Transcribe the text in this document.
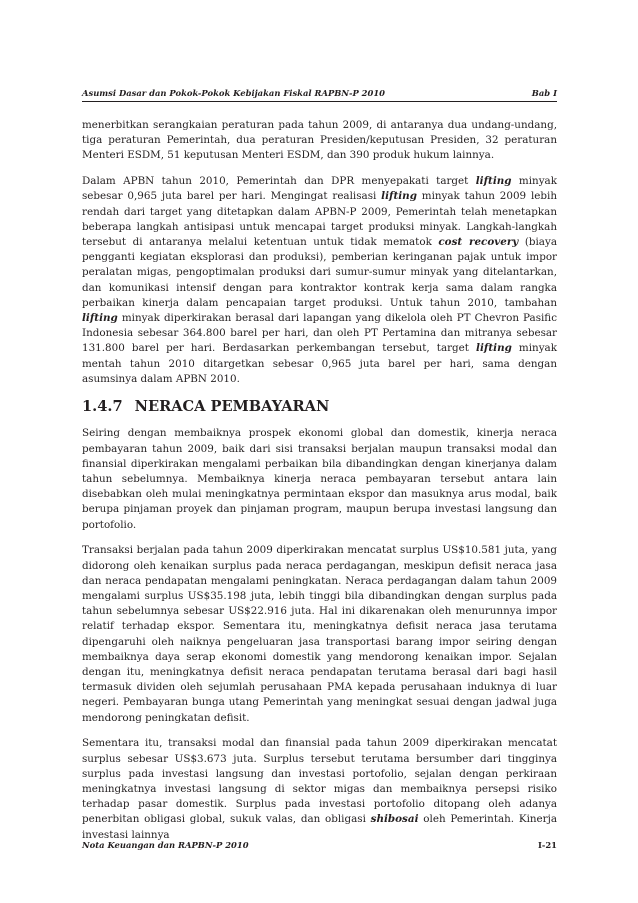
Asumsi Dasar dan Pokok-Pokok Kebijakan Fiskal RAPBN-P 2010	Bab I

menerbitkan serangkaian peraturan pada tahun 2009, di antaranya dua undang-undang, tiga peraturan Pemerintah, dua peraturan Presiden/keputusan Presiden, 32 peraturan Menteri ESDM, 51 keputusan Menteri ESDM, dan 390 produk hukum lainnya.

Dalam APBN tahun 2010, Pemerintah dan DPR menyepakati target lifting minyak sebesar 0,965 juta barel per hari. Mengingat realisasi lifting minyak tahun 2009 lebih rendah dari target yang ditetapkan dalam APBN-P 2009, Pemerintah telah menetapkan beberapa langkah antisipasi untuk mencapai target produksi minyak. Langkah-langkah tersebut di antaranya melalui ketentuan untuk tidak mematok cost recovery (biaya pengganti kegiatan eksplorasi dan produksi), pemberian keringanan pajak untuk impor peralatan migas, pengoptimalan produksi dari sumur-sumur minyak yang ditelantarkan, dan komunikasi intensif dengan para kontraktor kontrak kerja sama dalam rangka perbaikan kinerja dalam pencapaian target produksi. Untuk tahun 2010, tambahan lifting minyak diperkirakan berasal dari lapangan yang dikelola oleh PT Chevron Pasific Indonesia sebesar 364.800 barel per hari, dan oleh PT Pertamina dan mitranya sebesar 131.800 barel per hari. Berdasarkan perkembangan tersebut, target lifting minyak mentah tahun 2010 ditargetkan sebesar 0,965 juta barel per hari, sama dengan asumsinya dalam APBN 2010.

1.4.7 NERACA PEMBAYARAN

Seiring dengan membaiknya prospek ekonomi global dan domestik, kinerja neraca pembayaran tahun 2009, baik dari sisi transaksi berjalan maupun transaksi modal dan finansial diperkirakan mengalami perbaikan bila dibandingkan dengan kinerjanya dalam tahun sebelumnya. Membaiknya kinerja neraca pembayaran tersebut antara lain disebabkan oleh mulai meningkatnya permintaan ekspor dan masuknya arus modal, baik berupa pinjaman proyek dan pinjaman program, maupun berupa investasi langsung dan portofolio.

Transaksi berjalan pada tahun 2009 diperkirakan mencatat surplus US$10.581 juta, yang didorong oleh kenaikan surplus pada neraca perdagangan, meskipun defisit neraca jasa dan neraca pendapatan mengalami peningkatan. Neraca perdagangan dalam tahun 2009 mengalami surplus US$35.198 juta, lebih tinggi bila dibandingkan dengan surplus pada tahun sebelumnya sebesar US$22.916 juta. Hal ini dikarenakan oleh menurunnya impor relatif terhadap ekspor. Sementara itu, meningkatnya defisit neraca jasa terutama dipengaruhi oleh naiknya pengeluaran jasa transportasi barang impor seiring dengan membaiknya daya serap ekonomi domestik yang mendorong kenaikan impor. Sejalan dengan itu, meningkatnya defisit neraca pendapatan terutama berasal dari bagi hasil termasuk dividen oleh sejumlah perusahaan PMA kepada perusahaan induknya di luar negeri. Pembayaran bunga utang Pemerintah yang meningkat sesuai dengan jadwal juga mendorong peningkatan defisit.

Sementara itu, transaksi modal dan finansial pada tahun 2009 diperkirakan mencatat surplus sebesar US$3.673 juta. Surplus tersebut terutama bersumber dari tingginya surplus pada investasi langsung dan investasi portofolio, sejalan dengan perkiraan meningkatnya investasi langsung di sektor migas dan membaiknya persepsi risiko terhadap pasar domestik. Surplus pada investasi portofolio ditopang oleh adanya penerbitan obligasi global, sukuk valas, dan obligasi shibosai oleh Pemerintah. Kinerja investasi lainnya

Nota Keuangan dan RAPBN-P 2010	I-21
